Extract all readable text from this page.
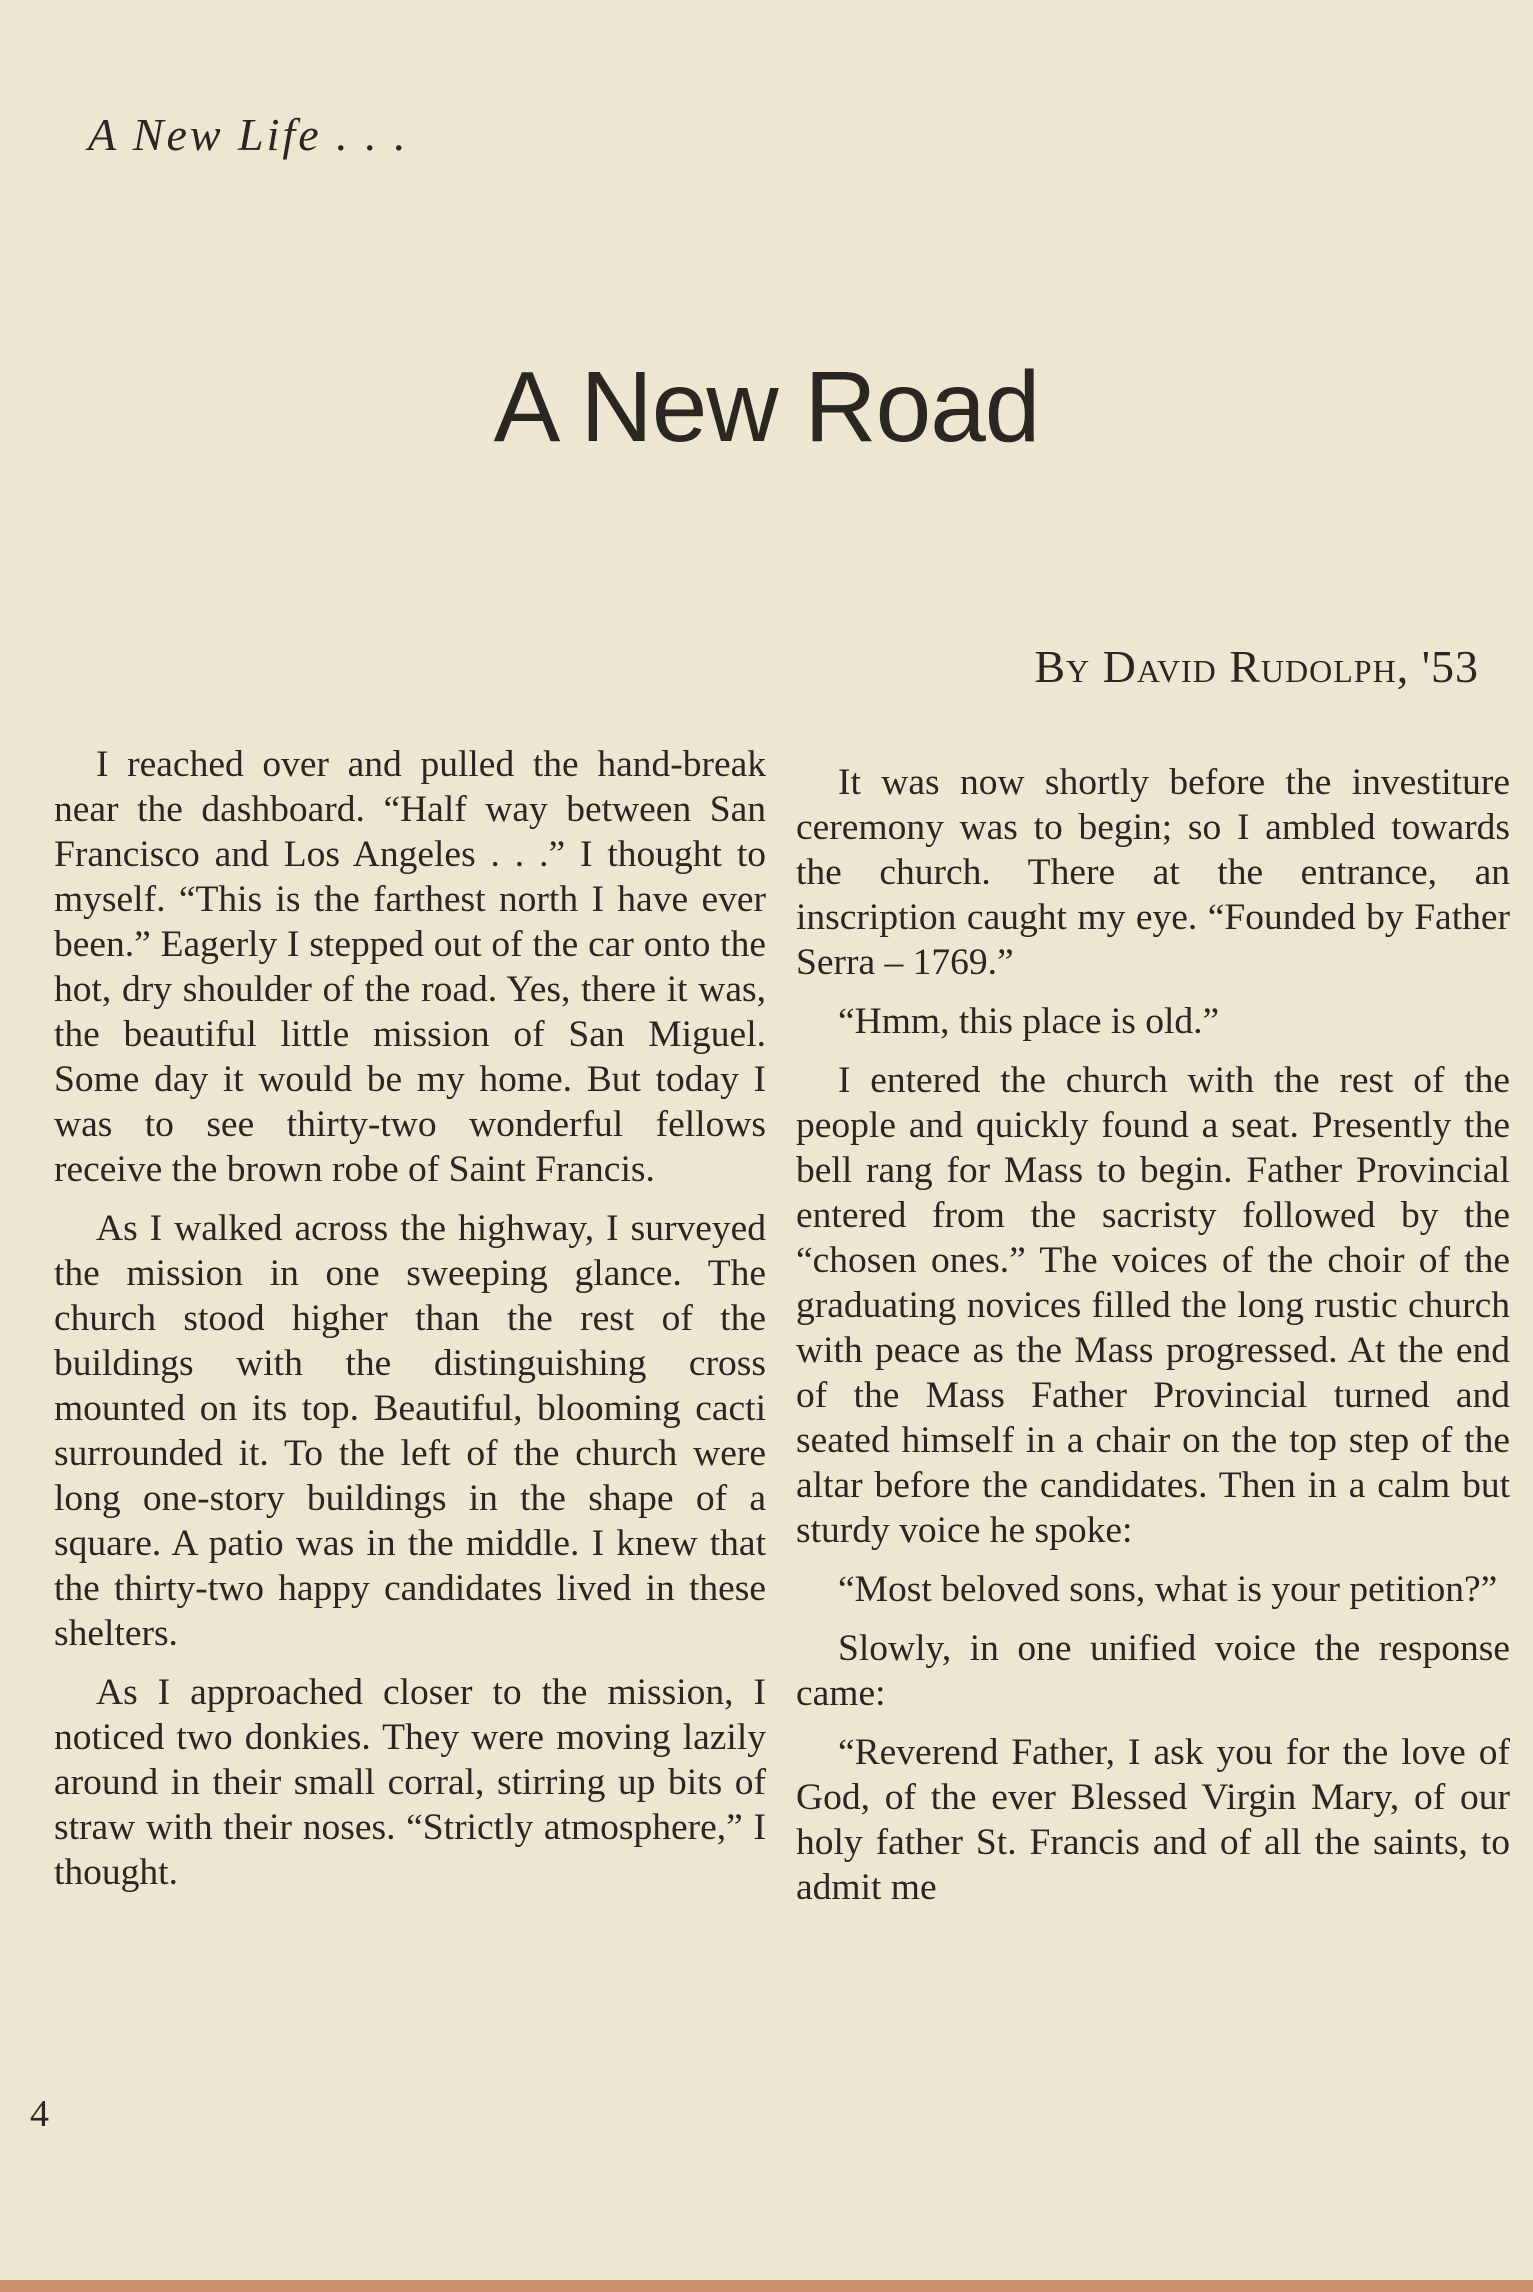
A New Life . . .
A New Road
By David Rudolph, '53

I reached over and pulled the hand-break near the dashboard. “Half way between San Francisco and Los Angeles . . .” I thought to myself. “This is the farthest north I have ever been.” Eagerly I stepped out of the car onto the hot, dry shoulder of the road. Yes, there it was, the beautiful little mission of San Miguel. Some day it would be my home. But today I was to see thirty-two wonderful fellows receive the brown robe of Saint Francis.

As I walked across the highway, I surveyed the mission in one sweeping glance. The church stood higher than the rest of the buildings with the distinguishing cross mounted on its top. Beautiful, blooming cacti surrounded it. To the left of the church were long one-story buildings in the shape of a square. A patio was in the middle. I knew that the thirty-two happy candidates lived in these shelters.

As I approached closer to the mission, I noticed two donkies. They were moving lazily around in their small corral, stirring up bits of straw with their noses. “Strictly atmosphere,” I thought.

It was now shortly before the investiture ceremony was to begin; so I ambled towards the church. There at the entrance, an inscription caught my eye. “Founded by Father Serra – 1769.”

“Hmm, this place is old.”

I entered the church with the rest of the people and quickly found a seat. Presently the bell rang for Mass to begin. Father Provincial entered from the sacristy followed by the “chosen ones.” The voices of the choir of the graduating novices filled the long rustic church with peace as the Mass progressed. At the end of the Mass Father Provincial turned and seated himself in a chair on the top step of the altar before the candidates. Then in a calm but sturdy voice he spoke:

“Most beloved sons, what is your petition?”

Slowly, in one unified voice the response came:

“Reverend Father, I ask you for the love of God, of the ever Blessed Virgin Mary, of our holy father St. Francis and of all the saints, to admit me

4
